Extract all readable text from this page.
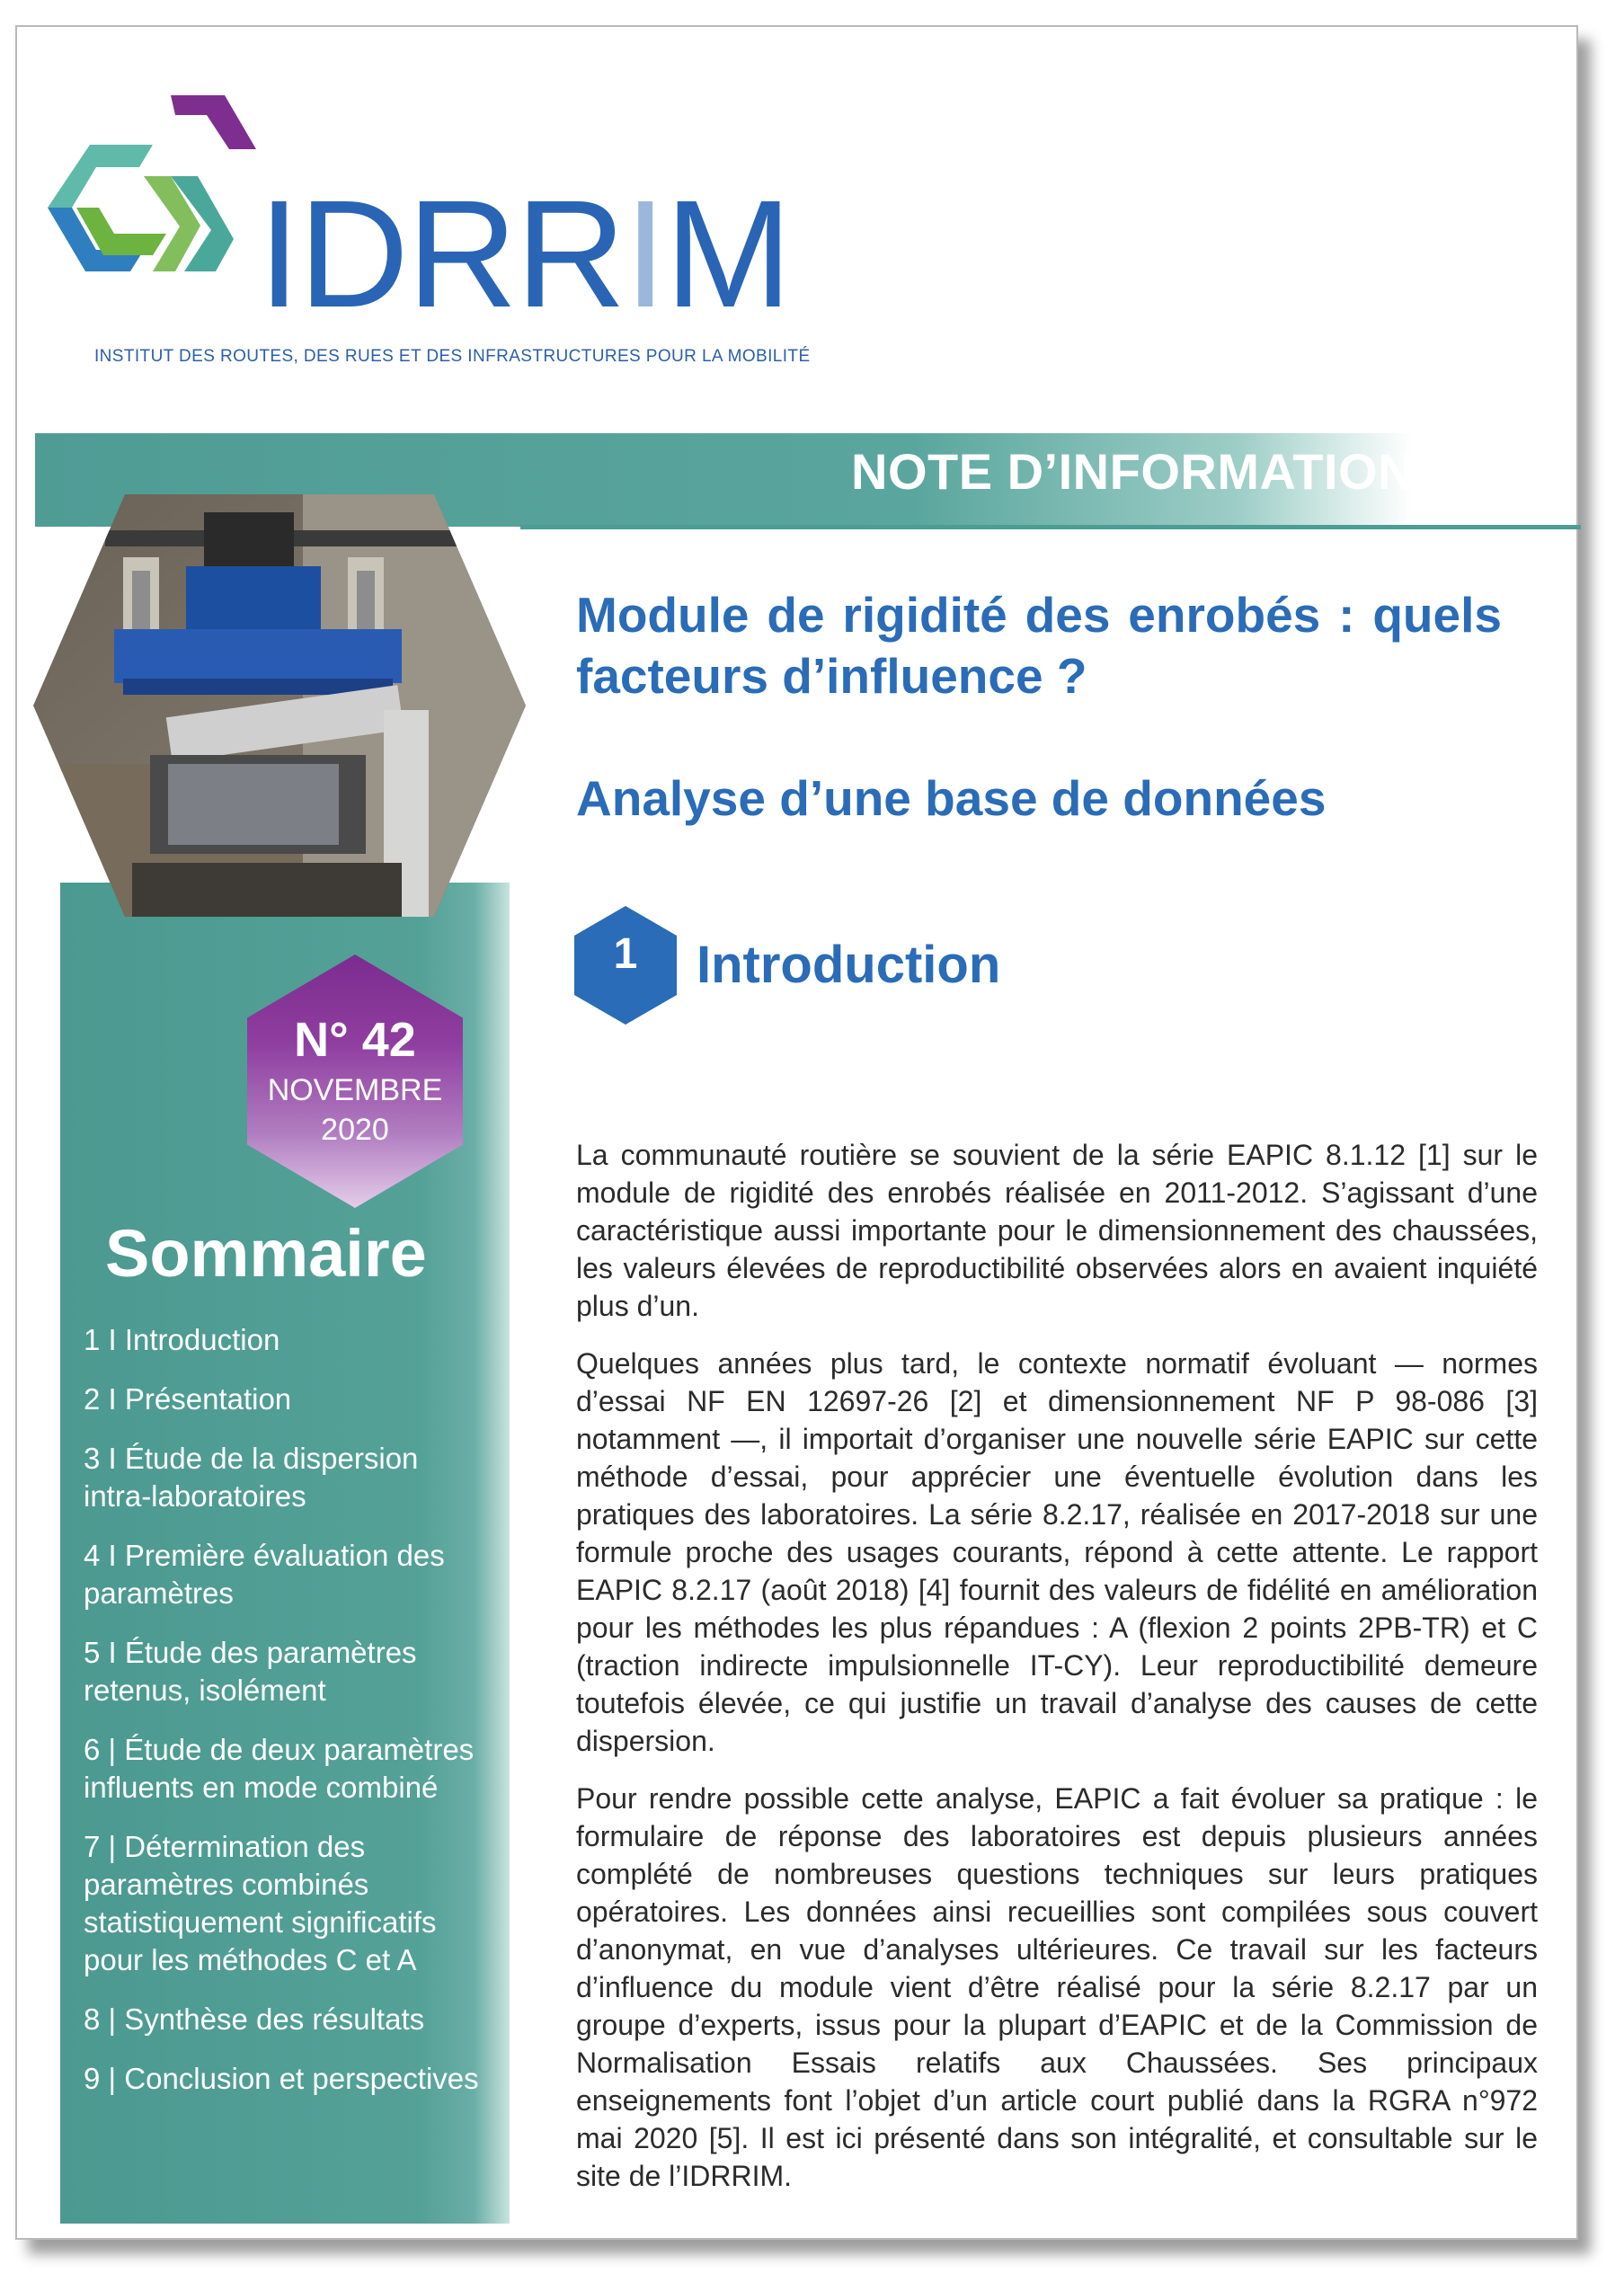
IDRRIM
INSTITUT DES ROUTES, DES RUES ET DES INFRASTRUCTURES POUR LA MOBILITÉ
NOTE D’INFORMATION
N° 42
NOVEMBRE
2020
Sommaire
1 I Introduction
2 I Présentation
3 I Étude de la dispersion intra-laboratoires
4 I Première évaluation des paramètres
5 I Étude des paramètres retenus, isolément
6 | Étude de deux paramètres influents en mode combiné
7 | Détermination des paramètres combinés statistiquement significatifs pour les méthodes C et A
8 | Synthèse des résultats
9 | Conclusion et perspectives
Module de rigidité des enrobés : quels facteurs d’influence ?
Analyse d’une base de données
1	Introduction

La communauté routière se souvient de la série EAPIC 8.1.12 [1] sur le module de rigidité des enrobés réalisée en 2011-2012. S’agissant d’une caractéristique aussi importante pour le dimensionnement des chaussées, les valeurs élevées de reproductibilité observées alors en avaient inquiété plus d’un.

Quelques années plus tard, le contexte normatif évoluant — normes d’essai NF EN 12697-26 [2] et dimensionnement NF P 98-086 [3] notamment —, il importait d’organiser une nouvelle série EAPIC sur cette méthode d’essai, pour apprécier une éventuelle évolution dans les pratiques des laboratoires. La série 8.2.17, réalisée en 2017-2018 sur une formule proche des usages courants, répond à cette attente. Le rapport EAPIC 8.2.17 (août 2018) [4] fournit des valeurs de fidélité en amélioration pour les méthodes les plus répandues : A (flexion 2 points 2PB-TR) et C (traction indirecte impulsionnelle IT-CY). Leur reproductibilité demeure toutefois élevée, ce qui justifie un travail d’analyse des causes de cette dispersion.

Pour rendre possible cette analyse, EAPIC a fait évoluer sa pratique : le formulaire de réponse des laboratoires est depuis plusieurs années complété de nombreuses questions techniques sur leurs pratiques opératoires. Les données ainsi recueillies sont compilées sous couvert d’anonymat, en vue d’analyses ultérieures. Ce travail sur les facteurs d’influence du module vient d’être réalisé pour la série 8.2.17 par un groupe d’experts, issus pour la plupart d’EAPIC et de la Commission de Normalisation Essais relatifs aux Chaussées. Ses principaux enseignements font l’objet d’un article court publié dans la RGRA n°972 mai 2020 [5]. Il est ici présenté dans son intégralité, et consultable sur le site de l’IDRRIM.
